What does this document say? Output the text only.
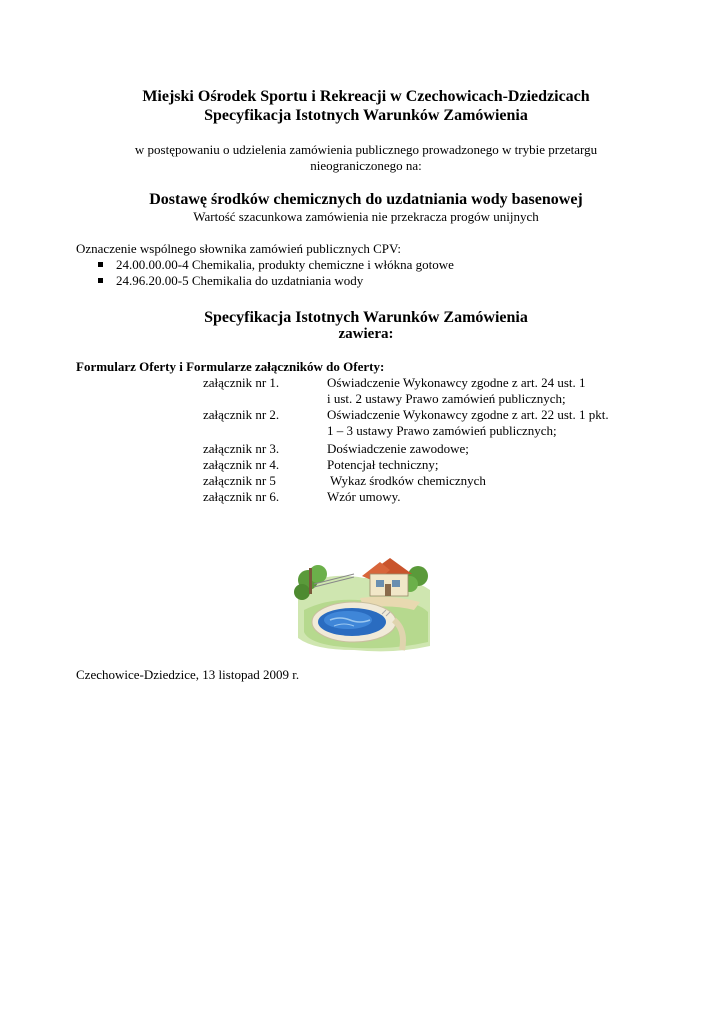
Miejski Ośrodek Sportu i Rekreacji w Czechowicach-Dziedzicach
Specyfikacja Istotnych Warunków Zamówienia
w postępowaniu o udzielenia zamówienia publicznego prowadzonego w trybie przetargu
nieograniczonego na:
Dostawę środków chemicznych do uzdatniania wody basenowej
Wartość szacunkowa zamówienia nie przekracza progów unijnych
Oznaczenie wspólnego słownika zamówień publicznych CPV:
24.00.00.00-4 Chemikalia, produkty chemiczne i włókna gotowe
24.96.20.00-5 Chemikalia do uzdatniania wody
Specyfikacja Istotnych Warunków Zamówienia
zawiera:
Formularz Oferty i Formularze załączników do Oferty:
załącznik nr 1.	Oświadczenie Wykonawcy zgodne z art. 24 ust. 1
i ust. 2 ustawy Prawo zamówień publicznych;
załącznik nr 2.	Oświadczenie Wykonawcy zgodne z art. 22 ust. 1 pkt.
1 – 3 ustawy Prawo zamówień publicznych;
załącznik nr 3.	Doświadczenie zawodowe;
załącznik nr 4.	Potencjał techniczny;
załącznik nr 5	Wykaz środków chemicznych
załącznik nr 6.	Wzór umowy.
Czechowice-Dziedzice, 13 listopad 2009 r.
